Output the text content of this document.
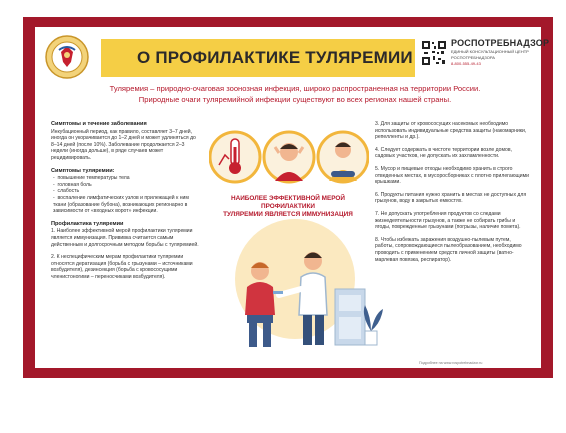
О ПРОФИЛАКТИКЕ ТУЛЯРЕМИИ
РОСПОТРЕБНАДЗОР
ЕДИНЫЙ КОНСУЛЬТАЦИОННЫЙ ЦЕНТР
РОСПОТРЕБНАДЗОРА
8-800-555-49-43
Туляремия – природно-очаговая зоонозная инфекция, широко распространенная на территории России.
Природные очаги туляремийной инфекции существуют во всех регионах нашей страны.
Симптомы и течение заболевания
Инкубационный период, как правило, составляет 3–7 дней, иногда он укорачивается до 1–2 дней и может удлиняться до 8–14 дней (после 10%). Заболевание продолжается 2–3 недели (иногда дольше), в ряде случаев может рецидивировать.
Симптомы туляремии:
-  повышение температуры тела
-  головная боль
-  слабость
-  воспаление лимфатических узлов и прилежащей к ним ткани (образование бубона), возникающих регионарно в зависимости от «входных ворот» инфекции.
Профилактика туляремии
1. Наиболее эффективной мерой профилактики туляремии является иммунизация. Прививка считается самым действенным и долгосрочным методом борьбы с туляремией.
2. К неспецифическим мерам профилактики туляремии относятся дератизация (борьба с грызунами – источниками возбудителя), дезинсекция (борьба с кровососущими членистоногими – переносчиками возбудителя).
НАИБОЛЕЕ ЭФФЕКТИВНОЙ МЕРОЙ ПРОФИЛАКТИКИ
ТУЛЯРЕМИИ ЯВЛЯЕТСЯ ИММУНИЗАЦИЯ
3. Для защиты от кровососущих насекомых необходимо использовать индивидуальные средства защиты (накомарники, репелленты и др.).
4. Следует содержать в чистоте территории возле домов, садовых участков, не допускать их захламленности.
5. Мусор и пищевые отходы необходимо хранить в строго отведенных местах, в мусоросборниках с плотно прилегающими крышками.
6. Продукты питания нужно хранить в местах не доступных для грызунов, воду в закрытых емкостях.
7. Не допускать употребления продуктов со следами жизнедеятельности грызунов, а также не собирать грибы и ягоды, поврежденные грызунами (погрызы, наличие помета).
8. Чтобы избежать заражения воздушно-пылевым путем, работы, сопровождающиеся пылеобразованием, необходимо проводить с применением средств личной защиты (ватно-марлевая повязка, респиратор).
Подробнее на www.rospotrebnadzor.ru
